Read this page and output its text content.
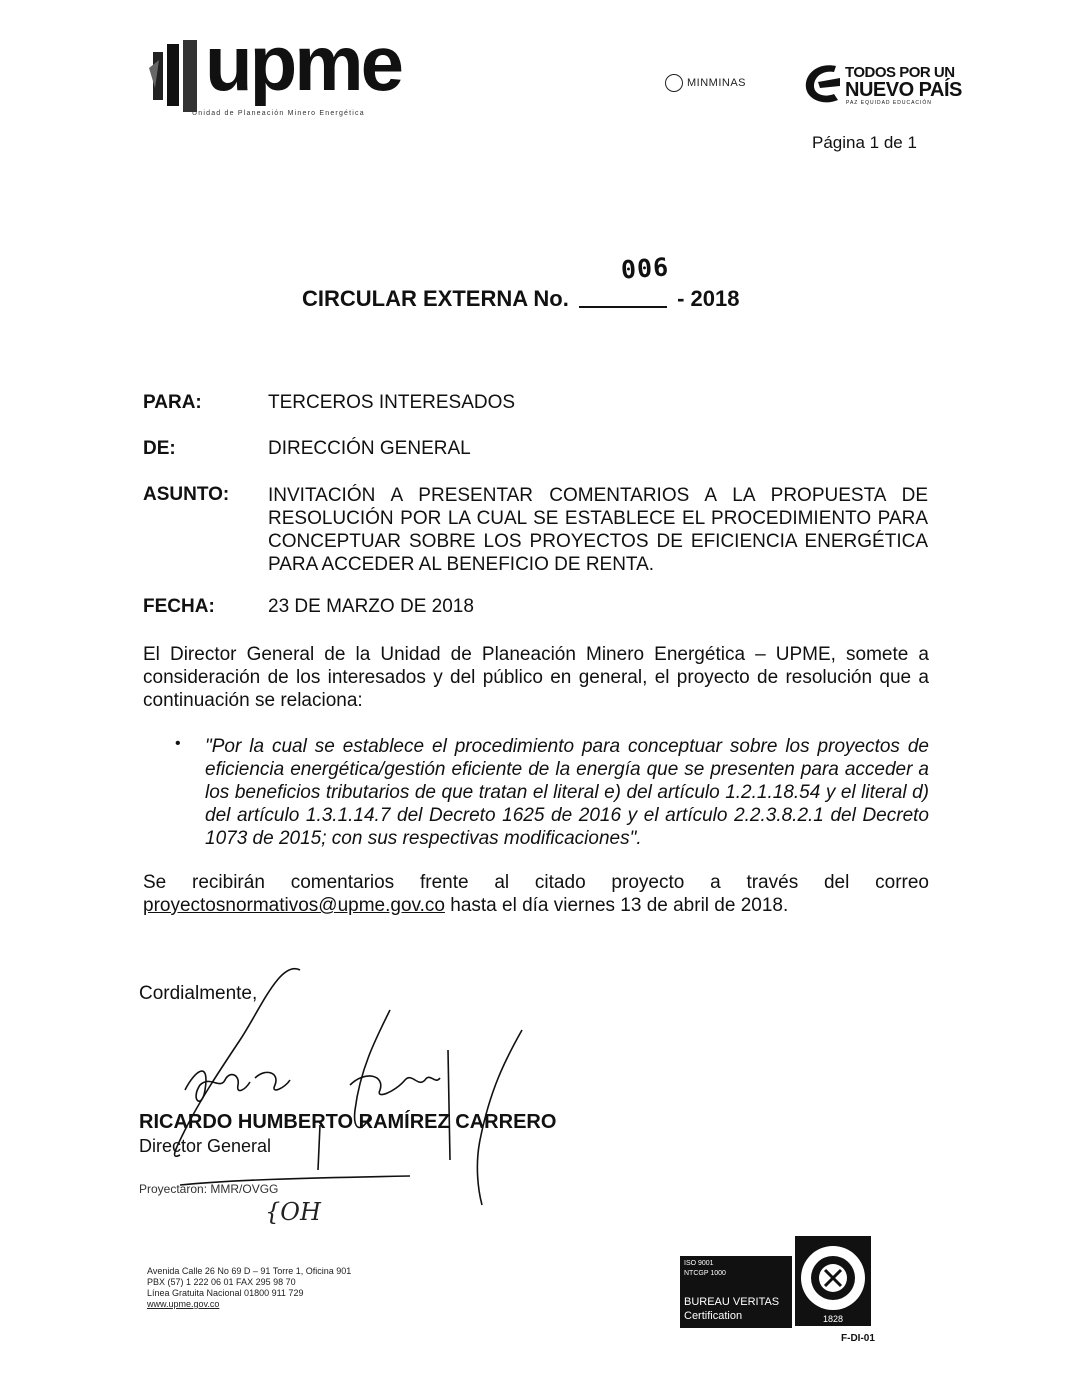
upme
Unidad de Planeación Minero Energética
MINMINAS
TODOS POR UN
NUEVO PAÍS
PAZ EQUIDAD EDUCACIÓN
Página 1 de 1
CIRCULAR EXTERNA No.	- 2018
006
PARA:	TERCEROS INTERESADOS
DE:	DIRECCIÓN GENERAL
ASUNTO: INVITACIÓN A PRESENTAR COMENTARIOS A LA PROPUESTA DE RESOLUCIÓN POR LA CUAL SE ESTABLECE EL PROCEDIMIENTO PARA CONCEPTUAR SOBRE LOS PROYECTOS DE EFICIENCIA ENERGÉTICA PARA ACCEDER AL BENEFICIO DE RENTA.
FECHA:	23 DE MARZO DE 2018
El Director General de la Unidad de Planeación Minero Energética – UPME, somete a consideración de los interesados y del público en general, el proyecto de resolución que a continuación se relaciona:
• "Por la cual se establece el procedimiento para conceptuar sobre los proyectos de eficiencia energética/gestión eficiente de la energía que se presenten para acceder a los beneficios tributarios de que tratan el literal e) del artículo 1.2.1.18.54 y el literal d) del artículo 1.3.1.14.7 del Decreto 1625 de 2016 y el artículo 2.2.3.8.2.1 del Decreto 1073 de 2015; con sus respectivas modificaciones".
Se recibirán comentarios frente al citado proyecto a través del correo proyectosnormativos@upme.gov.co hasta el día viernes 13 de abril de 2018.
Cordialmente,
RICARDO HUMBERTO RAMÍREZ CARRERO
Director General
Proyectaron: MMR/OVGG
{OH
Avenida Calle 26 No 69 D – 91 Torre 1, Oficina 901
PBX (57) 1 222 06 01 FAX 295 98 70
Línea Gratuita Nacional 01800 911 729
www.upme.gov.co
ISO 9001
NTCGP 1000
BUREAU VERITAS
Certification	1828
F-DI-01
